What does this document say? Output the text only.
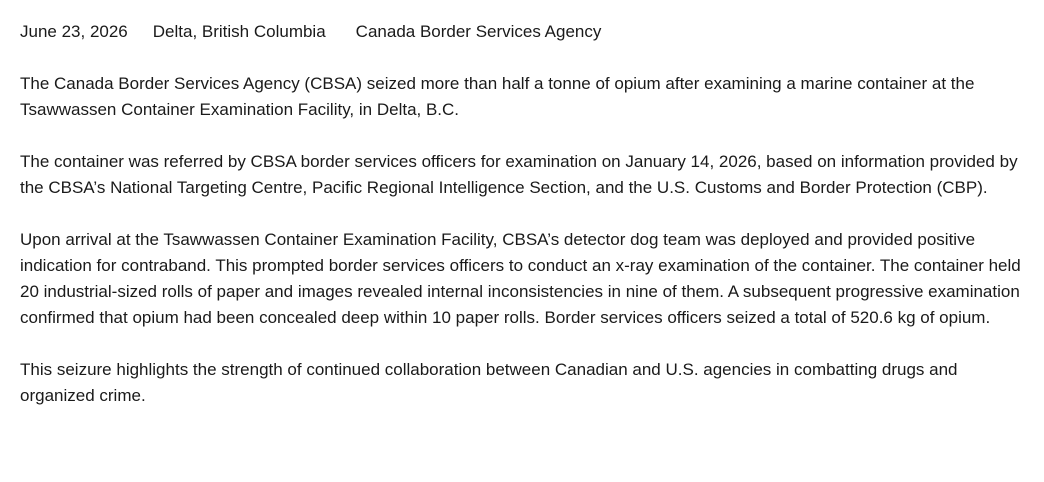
June 23, 2026 Delta, British Columbia Canada Border Services Agency

The Canada Border Services Agency (CBSA) seized more than half a tonne of opium after examining a marine container at the Tsawwassen Container Examination Facility, in Delta, B.C.

The container was referred by CBSA border services officers for examination on January 14, 2026, based on information provided by the CBSA’s National Targeting Centre, Pacific Regional Intelligence Section, and the U.S. Customs and Border Protection (CBP).

Upon arrival at the Tsawwassen Container Examination Facility, CBSA’s detector dog team was deployed and provided positive indication for contraband. This prompted border services officers to conduct an x-ray examination of the container. The container held 20 industrial-sized rolls of paper and images revealed internal inconsistencies in nine of them. A subsequent progressive examination confirmed that opium had been concealed deep within 10 paper rolls. Border services officers seized a total of 520.6 kg of opium.

This seizure highlights the strength of continued collaboration between Canadian and U.S. agencies in combatting drugs and organized crime.
